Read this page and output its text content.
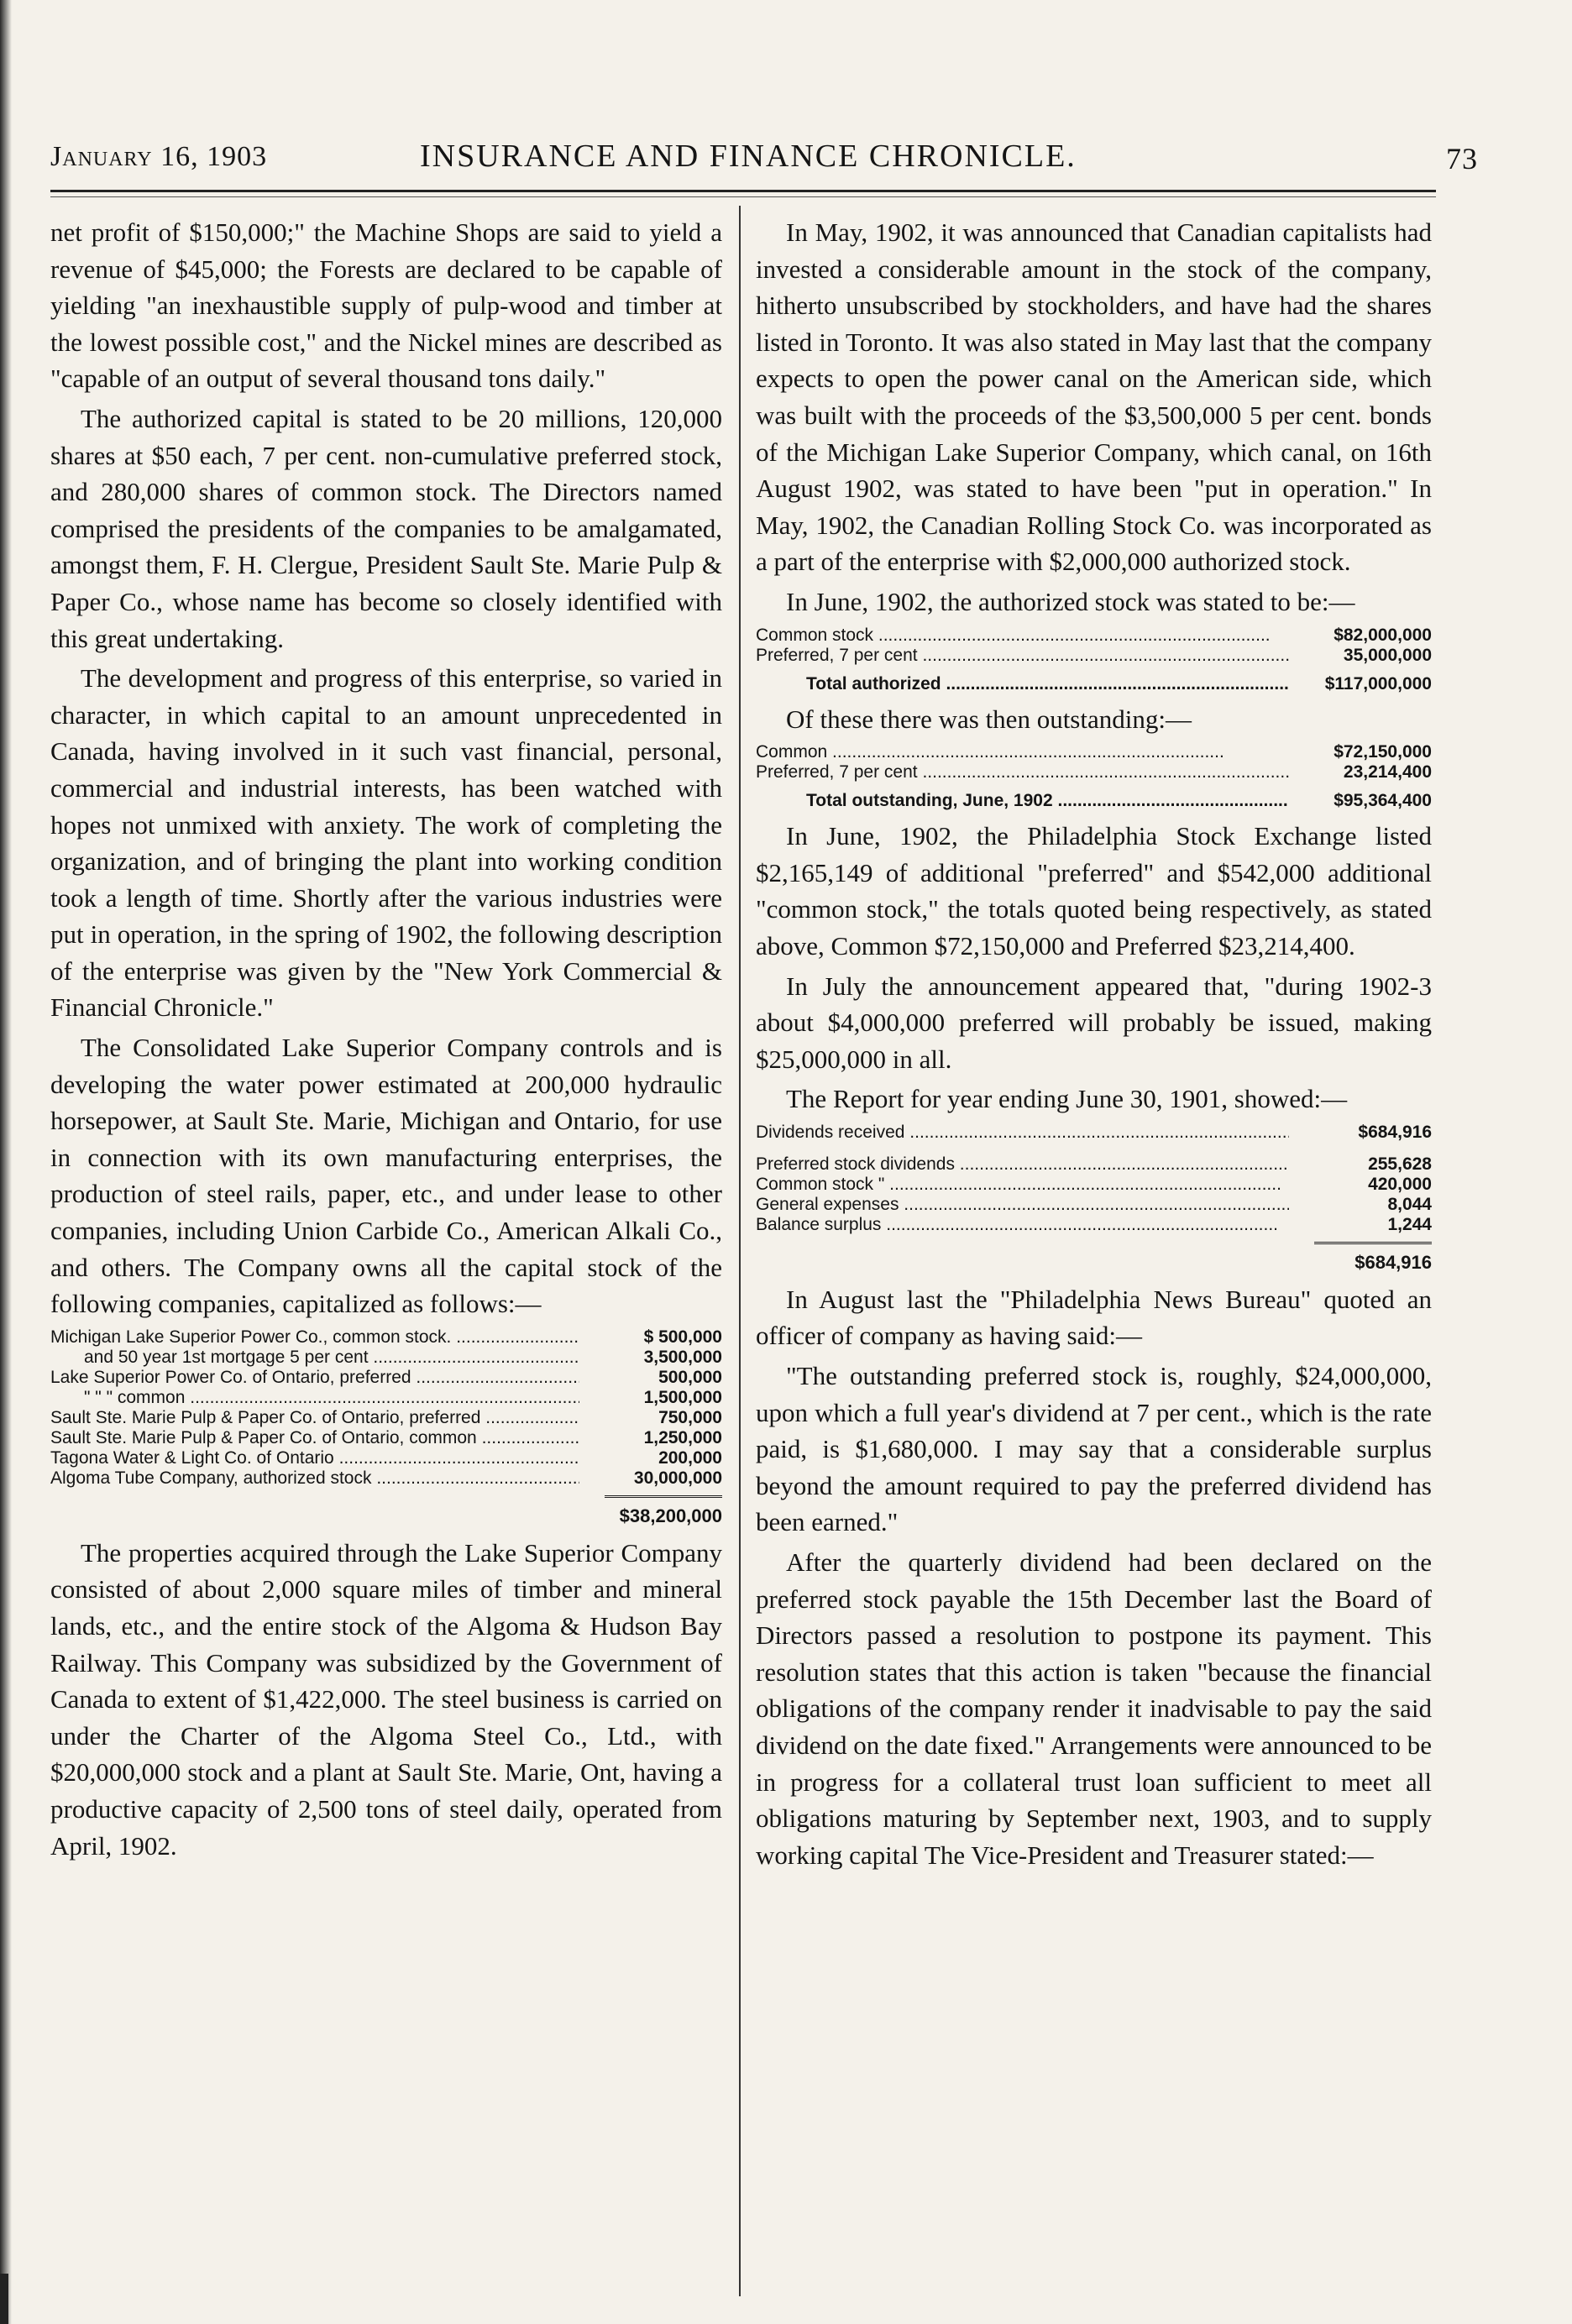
January 16, 1903	INSURANCE AND FINANCE CHRONICLE.	73

net profit of $150,000;" the Machine Shops are said to yield a revenue of $45,000; the Forests are declared to be capable of yielding "an inexhaustible supply of pulp-wood and timber at the lowest possible cost," and the Nickel mines are described as "capable of an output of several thousand tons daily."

The authorized capital is stated to be 20 millions, 120,000 shares at $50 each, 7 per cent. non-cumulative preferred stock, and 280,000 shares of common stock. The Directors named comprised the presidents of the companies to be amalgamated, amongst them, F. H. Clergue, President Sault Ste. Marie Pulp & Paper Co., whose name has become so closely identified with this great undertaking.

The development and progress of this enterprise, so varied in character, in which capital to an amount unprecedented in Canada, having involved in it such vast financial, personal, commercial and industrial interests, has been watched with hopes not unmixed with anxiety. The work of completing the organization, and of bringing the plant into working condition took a length of time. Shortly after the various industries were put in operation, in the spring of 1902, the following description of the enterprise was given by the "New York Commercial & Financial Chronicle."

The Consolidated Lake Superior Company controls and is developing the water power estimated at 200,000 hydraulic horsepower, at Sault Ste. Marie, Michigan and Ontario, for use in connection with its own manufacturing enterprises, the production of steel rails, paper, etc., and under lease to other companies, including Union Carbide Co., American Alkali Co., and others. The Company owns all the capital stock of the following companies, capitalized as follows:—

Michigan Lake Superior Power Co., common stock. .....	$ 500,000
and 50 year 1st mortgage 5 per cent .....	3,500,000
Lake Superior Power Co. of Ontario, preferred .....	500,000
" " " common .....	1,500,000
Sault Ste. Marie Pulp & Paper Co. of Ontario, preferred .....	750,000
Sault Ste. Marie Pulp & Paper Co. of Ontario, common .....	1,250,000
Tagona Water & Light Co. of Ontario .....	200,000
Algoma Tube Company, authorized stock .....	30,000,000
$38,200,000

The properties acquired through the Lake Superior Company consisted of about 2,000 square miles of timber and mineral lands, etc., and the entire stock of the Algoma & Hudson Bay Railway. This Company was subsidized by the Government of Canada to extent of $1,422,000. The steel business is carried on under the Charter of the Algoma Steel Co., Ltd., with $20,000,000 stock and a plant at Sault Ste. Marie, Ont, having a productive capacity of 2,500 tons of steel daily, operated from April, 1902.

In May, 1902, it was announced that Canadian capitalists had invested a considerable amount in the stock of the company, hitherto unsubscribed by stockholders, and have had the shares listed in Toronto. It was also stated in May last that the company expects to open the power canal on the American side, which was built with the proceeds of the $3,500,000 5 per cent. bonds of the Michigan Lake Superior Company, which canal, on 16th August 1902, was stated to have been "put in operation." In May, 1902, the Canadian Rolling Stock Co. was incorporated as a part of the enterprise with $2,000,000 authorized stock.

In June, 1902, the authorized stock was stated to be:—

Common stock .....	$82,000,000
Preferred, 7 per cent .....	35,000,000
Total authorized .....	$117,000,000

Of these there was then outstanding:—

Common .....	$72,150,000
Preferred, 7 per cent .....	23,214,400
Total outstanding, June, 1902 .....	$95,364,400

In June, 1902, the Philadelphia Stock Exchange listed $2,165,149 of additional "preferred" and $542,000 additional "common stock," the totals quoted being respectively, as stated above, Common $72,150,000 and Preferred $23,214,400.

In July the announcement appeared that, "during 1902-3 about $4,000,000 preferred will probably be issued, making $25,000,000 in all.

The Report for year ending June 30, 1901, showed:—

Dividends received .....	$684,916
Preferred stock dividends .....	255,628
Common stock " .....	420,000
General expenses .....	8,044
Balance surplus .....	1,244
$684,916

In August last the "Philadelphia News Bureau" quoted an officer of company as having said:—

"The outstanding preferred stock is, roughly, $24,000,000, upon which a full year's dividend at 7 per cent., which is the rate paid, is $1,680,000. I may say that a considerable surplus beyond the amount required to pay the preferred dividend has been earned."

After the quarterly dividend had been declared on the preferred stock payable the 15th December last the Board of Directors passed a resolution to postpone its payment. This resolution states that this action is taken "because the financial obligations of the company render it inadvisable to pay the said dividend on the date fixed." Arrangements were announced to be in progress for a collateral trust loan sufficient to meet all obligations maturing by September next, 1903, and to supply working capital The Vice-President and Treasurer stated:—
